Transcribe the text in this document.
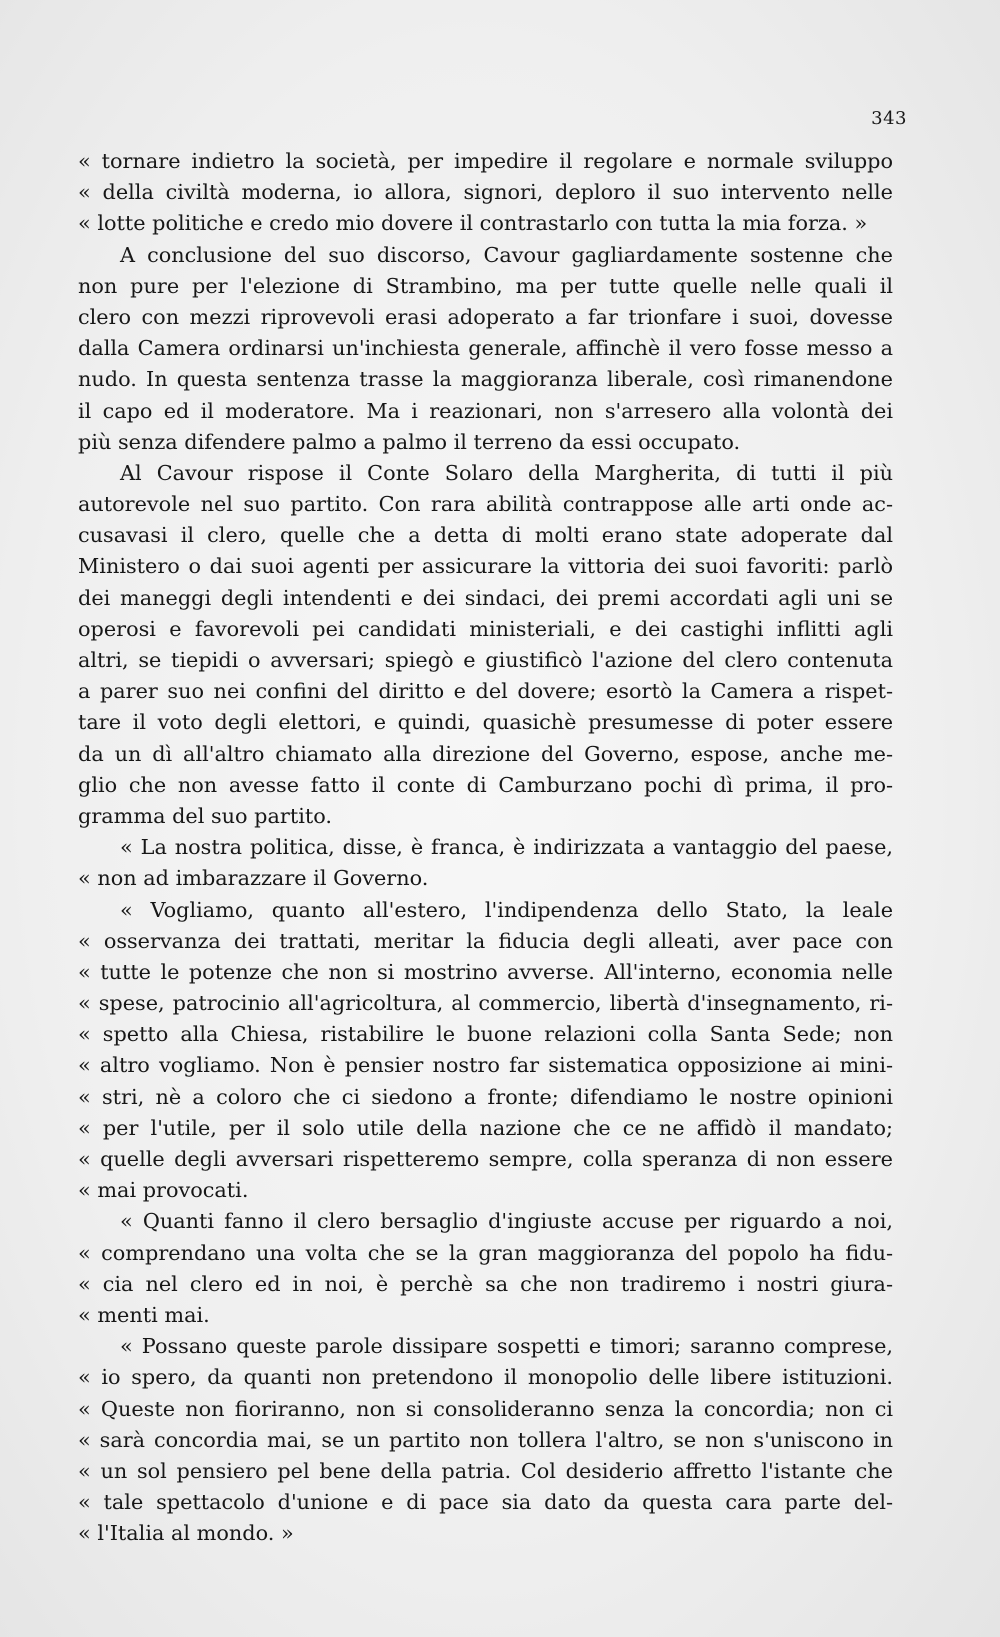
343
« tornare indietro la società, per impedire il regolare e normale sviluppo
« della civiltà moderna, io allora, signori, deploro il suo intervento nelle
« lotte politiche e credo mio dovere il contrastarlo con tutta la mia forza. »
A conclusione del suo discorso, Cavour gagliardamente sostenne che
non pure per l'elezione di Strambino, ma per tutte quelle nelle quali il
clero con mezzi riprovevoli erasi adoperato a far trionfare i suoi, dovesse
dalla Camera ordinarsi un'inchiesta generale, affinchè il vero fosse messo a
nudo. In questa sentenza trasse la maggioranza liberale, così rimanendone
il capo ed il moderatore. Ma i reazionari, non s'arresero alla volontà dei
più senza difendere palmo a palmo il terreno da essi occupato.
Al Cavour rispose il Conte Solaro della Margherita, di tutti il più
autorevole nel suo partito. Con rara abilità contrappose alle arti onde ac-
cusavasi il clero, quelle che a detta di molti erano state adoperate dal
Ministero o dai suoi agenti per assicurare la vittoria dei suoi favoriti: parlò
dei maneggi degli intendenti e dei sindaci, dei premi accordati agli uni se
operosi e favorevoli pei candidati ministeriali, e dei castighi inflitti agli
altri, se tiepidi o avversari; spiegò e giustificò l'azione del clero contenuta
a parer suo nei confini del diritto e del dovere; esortò la Camera a rispet-
tare il voto degli elettori, e quindi, quasichè presumesse di poter essere
da un dì all'altro chiamato alla direzione del Governo, espose, anche me-
glio che non avesse fatto il conte di Camburzano pochi dì prima, il pro-
gramma del suo partito.
« La nostra politica, disse, è franca, è indirizzata a vantaggio del paese,
« non ad imbarazzare il Governo.
« Vogliamo, quanto all'estero, l'indipendenza dello Stato, la leale
« osservanza dei trattati, meritar la fiducia degli alleati, aver pace con
« tutte le potenze che non si mostrino avverse. All'interno, economia nelle
« spese, patrocinio all'agricoltura, al commercio, libertà d'insegnamento, ri-
« spetto alla Chiesa, ristabilire le buone relazioni colla Santa Sede; non
« altro vogliamo. Non è pensier nostro far sistematica opposizione ai mini-
« stri, nè a coloro che ci siedono a fronte; difendiamo le nostre opinioni
« per l'utile, per il solo utile della nazione che ce ne affidò il mandato;
« quelle degli avversari rispetteremo sempre, colla speranza di non essere
« mai provocati.
« Quanti fanno il clero bersaglio d'ingiuste accuse per riguardo a noi,
« comprendano una volta che se la gran maggioranza del popolo ha fidu-
« cia nel clero ed in noi, è perchè sa che non tradiremo i nostri giura-
« menti mai.
« Possano queste parole dissipare sospetti e timori; saranno comprese,
« io spero, da quanti non pretendono il monopolio delle libere istituzioni.
« Queste non fioriranno, non si consolideranno senza la concordia; non ci
« sarà concordia mai, se un partito non tollera l'altro, se non s'uniscono in
« un sol pensiero pel bene della patria. Col desiderio affretto l'istante che
« tale spettacolo d'unione e di pace sia dato da questa cara parte del-
« l'Italia al mondo. »
